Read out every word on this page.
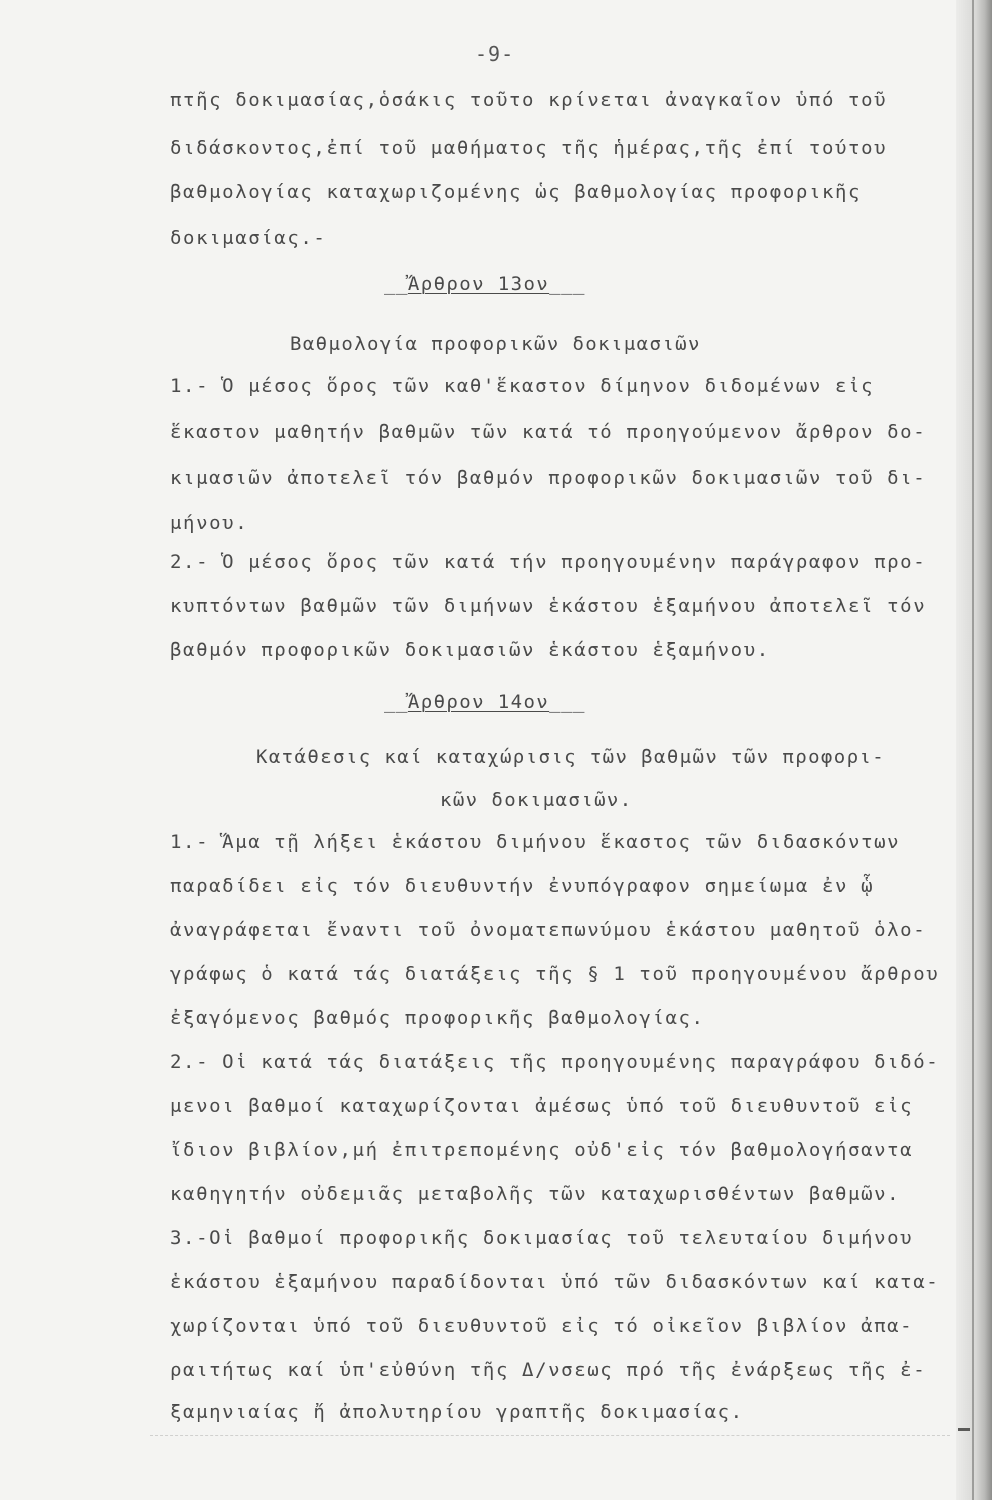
-9-
πτῆς δοκιμασίας,ὁσάκις τοῦτο κρίνεται ἀναγκαῖον ὑπό τοῦ
διδάσκοντος,ἐπί τοῦ μαθήματος τῆς ἡμέρας,τῆς ἐπί τούτου
βαθμολογίας καταχωριζομένης ὡς βαθμολογίας προφορικῆς
δοκιμασίας.-
__Ἄρθρον 13ον___
Βαθμολογία προφορικῶν δοκιμασιῶν
1.- Ὁ μέσος ὅρος τῶν καθ'ἕκαστον δίμηνον διδομένων εἰς
ἕκαστον μαθητήν βαθμῶν τῶν κατά τό προηγούμενον ἄρθρον δο-
κιμασιῶν ἀποτελεῖ τόν βαθμόν προφορικῶν δοκιμασιῶν τοῦ δι-
μήνου.
2.- Ὁ μέσος ὅρος τῶν κατά τήν προηγουμένην παράγραφον προ-
κυπτόντων βαθμῶν τῶν διμήνων ἑκάστου ἑξαμήνου ἀποτελεῖ τόν
βαθμόν προφορικῶν δοκιμασιῶν ἑκάστου ἑξαμήνου.
__Ἄρθρον 14ον___
Κατάθεσις καί καταχώρισις τῶν βαθμῶν τῶν προφορι-
κῶν δοκιμασιῶν.
1.- Ἅμα τῇ λήξει ἑκάστου διμήνου ἕκαστος τῶν διδασκόντων
παραδίδει εἰς τόν διευθυντήν ἐνυπόγραφον σημείωμα ἐν ᾧ
ἀναγράφεται ἔναντι τοῦ ὀνοματεπωνύμου ἑκάστου μαθητοῦ ὁλο-
γράφως ὁ κατά τάς διατάξεις τῆς § 1 τοῦ προηγουμένου ἄρθρου
ἐξαγόμενος βαθμός προφορικῆς βαθμολογίας.
2.- Οἱ κατά τάς διατάξεις τῆς προηγουμένης παραγράφου διδό-
μενοι βαθμοί καταχωρίζονται ἀμέσως ὑπό τοῦ διευθυντοῦ εἰς
ἴδιον βιβλίον,μή ἐπιτρεπομένης οὐδ'εἰς τόν βαθμολογήσαντα
καθηγητήν οὐδεμιᾶς μεταβολῆς τῶν καταχωρισθέντων βαθμῶν.
3.-Οἱ βαθμοί προφορικῆς δοκιμασίας τοῦ τελευταίου διμήνου
ἑκάστου ἑξαμήνου παραδίδονται ὑπό τῶν διδασκόντων καί κατα-
χωρίζονται ὑπό τοῦ διευθυντοῦ εἰς τό οἰκεῖον βιβλίον ἀπα-
ραιτήτως καί ὑπ'εὐθύνη τῆς Δ/νσεως πρό τῆς ἐνάρξεως τῆς ἐ-
ξαμηνιαίας ἤ ἀπολυτηρίου γραπτῆς δοκιμασίας.
